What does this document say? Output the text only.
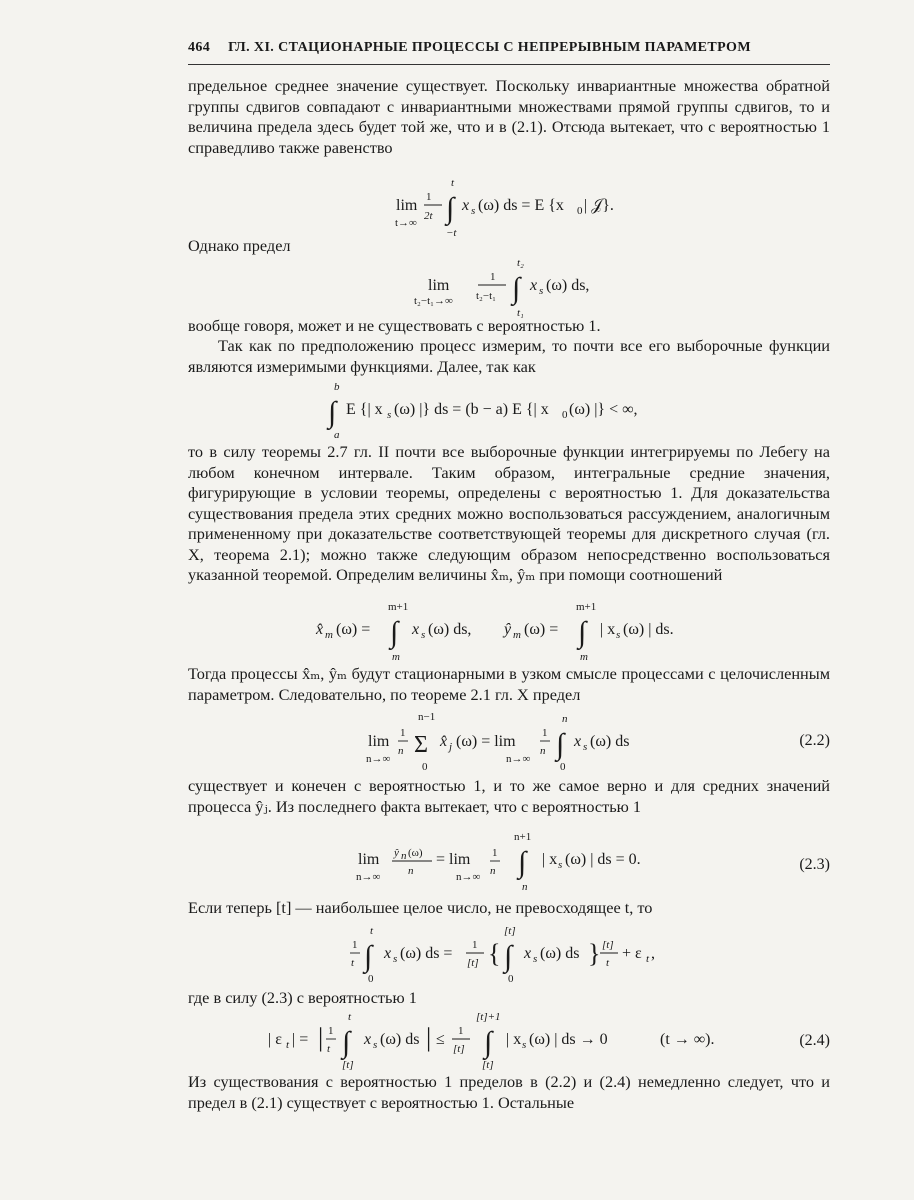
464 ГЛ. XI. СТАЦИОНАРНЫЕ ПРОЦЕССЫ С НЕПРЕРЫВНЫМ ПАРАМЕТРОМ
предельное среднее значение существует. Поскольку инвариантные множества обратной группы сдвигов совпадают с инвариантными множествами прямой группы сдвигов, то и величина предела здесь будет той же, что и в (2.1). Отсюда вытекает, что с вероятностью 1 справедливо также равенство
lim
t→∞
1
2t ∫
t
−t
x s (ω) ds = E {x 0 | 𝒥}.
Однако предел
lim
t₂−t₁→∞
1
t₂−t₁ ∫
t₂
t₁
x s (ω) ds,
вообще говоря, может и не существовать с вероятностью 1.
Так как по предположению процесс измерим, то почти все его выборочные функции являются измеримыми функциями. Далее, так как
∫
b
a
E {| x s (ω) |} ds = (b − a) E {| x 0 (ω) |} < ∞,
то в силу теоремы 2.7 гл. II почти все выборочные функции интегрируемы по Лебегу на любом конечном интервале. Таким образом, интегральные средние значения, фигурирующие в условии теоремы, определены с вероятностью 1. Для доказательства существования предела этих средних можно воспользоваться рассуждением, аналогичным примененному при доказательстве соответствующей теоремы для дискретного случая (гл. X, теорема 2.1); можно также следующим образом непосредственно воспользоваться указанной теоремой. Определим величины x̂ₘ, ŷₘ при помощи соотношений
x̂ m (ω) = ∫
m+1
m
x s (ω) ds, ŷ m (ω) = ∫
m+1
m
| x s (ω) | ds.
Тогда процессы x̂ₘ, ŷₘ будут стационарными в узком смысле процессами с целочисленным параметром. Следовательно, по теореме 2.1 гл. X предел
lim
n→∞
1
n Σ
n−1
0
x̂ j (ω) = lim
n→∞
1
n ∫
n
0
x s (ω) ds	(2.2)
существует и конечен с вероятностью 1, и то же самое верно и для средних значений процесса ŷⱼ. Из последнего факта вытекает, что с вероятностью 1
lim
n→∞
ŷ n (ω)
n
= lim
n→∞
1
n ∫
n+1
n
| x s (ω) | ds = 0.	(2.3)
Если теперь [t] — наибольшее целое число, не превосходящее t, то
1
t ∫
t
0
x s (ω) ds = 1
[t] { ∫
[t]
0
x s (ω) ds } [t]
t
+ ε t ,
где в силу (2.3) с вероятностью 1
| ε t | = | 1
t ∫
t
[t]
x s (ω) ds | ≤ 1
[t] ∫
[t]+1
[t]
| x s (ω) | ds → 0	(t → ∞).	(2.4)
Из существования с вероятностью 1 пределов в (2.2) и (2.4) немедленно следует, что и предел в (2.1) существует с вероятностью 1. Остальные
